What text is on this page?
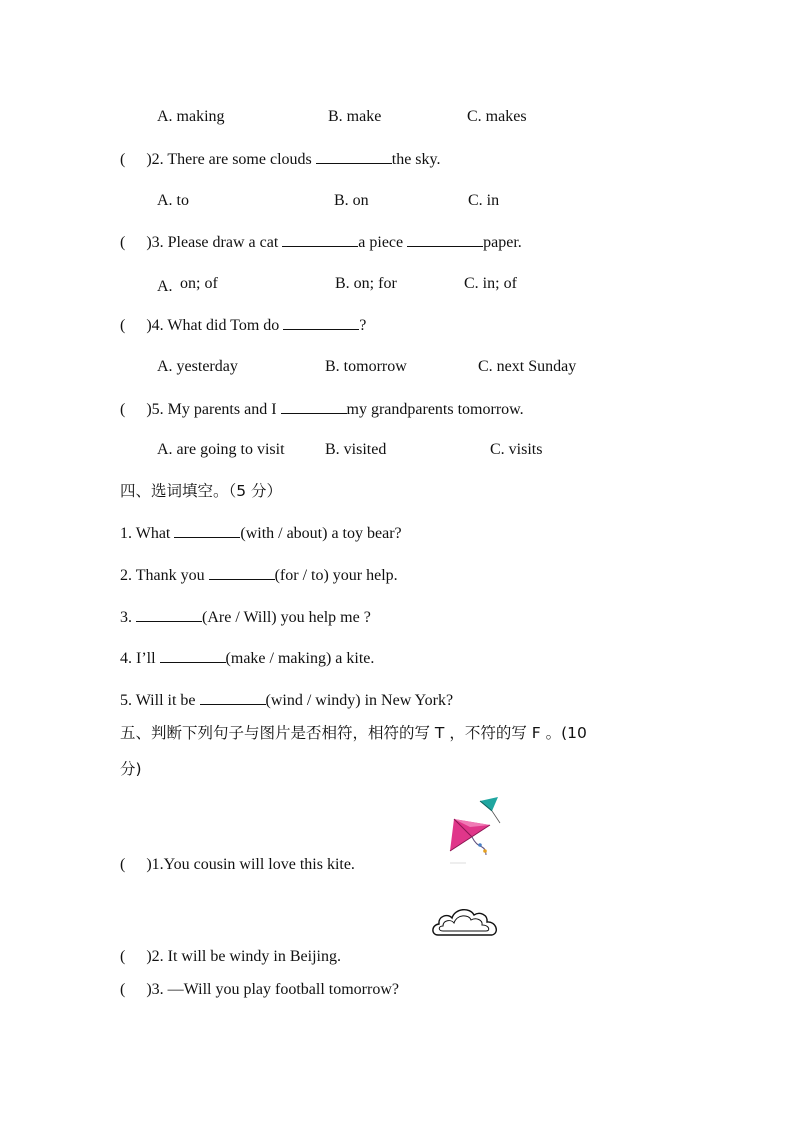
A. making	B. make	C. makes
( )2. There are some clouds	the sky.
A. to	B. on	C. in
( )3. Please draw a cat	a piece	paper.
A. on; of	B. on; for	C. in; of
( )4. What did Tom do	?
A. yesterday	B. tomorrow	C. next Sunday
( )5. My parents and I	my grandparents tomorrow.
A. are going to visit	B. visited	C. visits
四、选词填空。（5 分）
1. What	(with / about) a toy bear?
2. Thank you	(for / to) your help.
3.	(Are / Will) you help me ?
4. I’ll	(make / making) a kite.
5. Will it be	(wind / windy) in New York?
五、判断下列句子与图片是否相符，相符的写 T ，不符的写 F 。(10
分)
( )1.You cousin will love this kite.
( )2. It will be windy in Beijing.
( )3. —Will you play football tomorrow?
